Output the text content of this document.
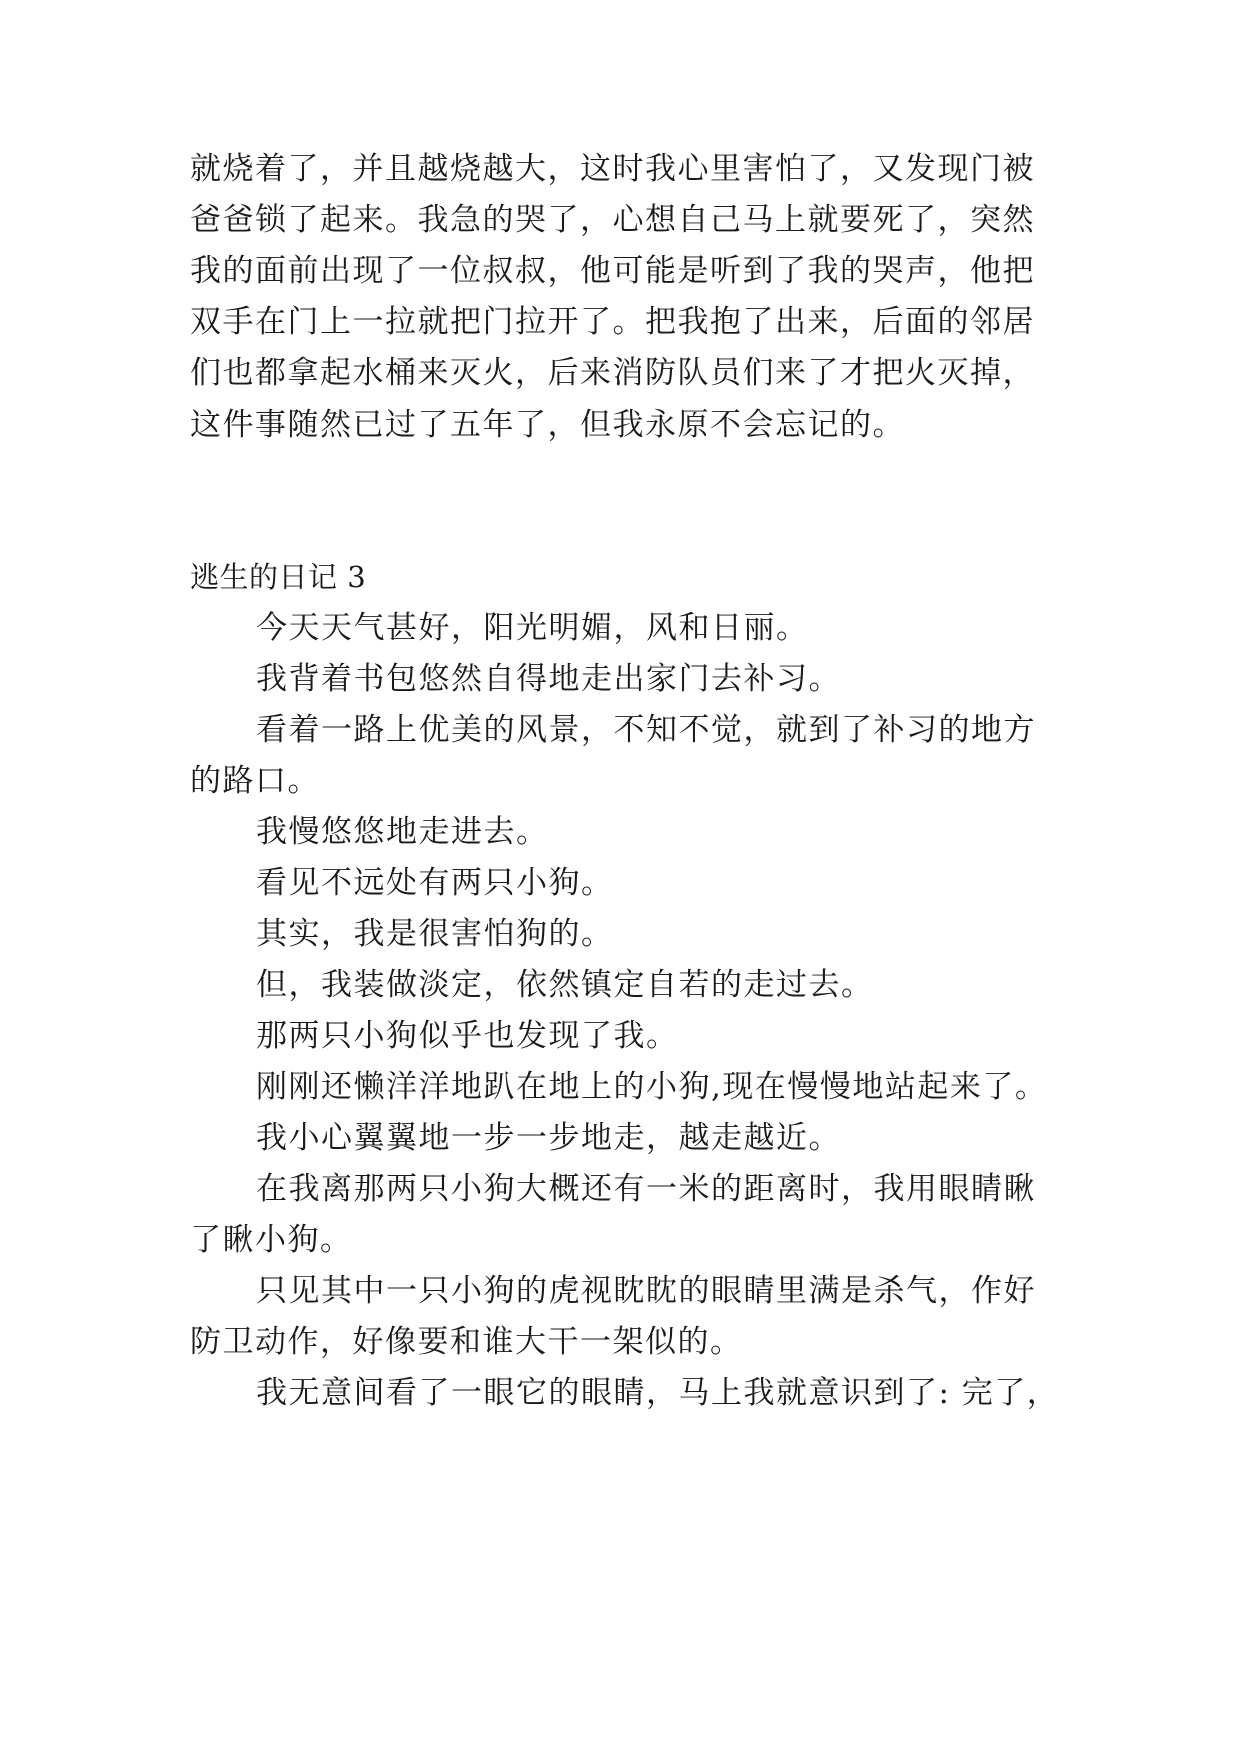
就烧着了，并且越烧越大，这时我心里害怕了，又发现门被
爸爸锁了起来。我急的哭了，心想自己马上就要死了，突然
我的面前出现了一位叔叔，他可能是听到了我的哭声，他把
双手在门上一拉就把门拉开了。把我抱了出来，后面的邻居
们也都拿起水桶来灭火，后来消防队员们来了才把火灭掉，
这件事随然已过了五年了，但我永原不会忘记的。
逃生的日记 3
今天天气甚好，阳光明媚，风和日丽。
我背着书包悠然自得地走出家门去补习。
看着一路上优美的风景，不知不觉，就到了补习的地方
的路口。
我慢悠悠地走进去。
看见不远处有两只小狗。
其实，我是很害怕狗的。
但，我装做淡定，依然镇定自若的走过去。
那两只小狗似乎也发现了我。
刚刚还懒洋洋地趴在地上的小狗,现在慢慢地站起来了。
我小心翼翼地一步一步地走，越走越近。
在我离那两只小狗大概还有一米的距离时，我用眼睛瞅
了瞅小狗。
只见其中一只小狗的虎视眈眈的眼睛里满是杀气，作好
防卫动作，好像要和谁大干一架似的。
我无意间看了一眼它的眼睛，马上我就意识到了: 完了，
